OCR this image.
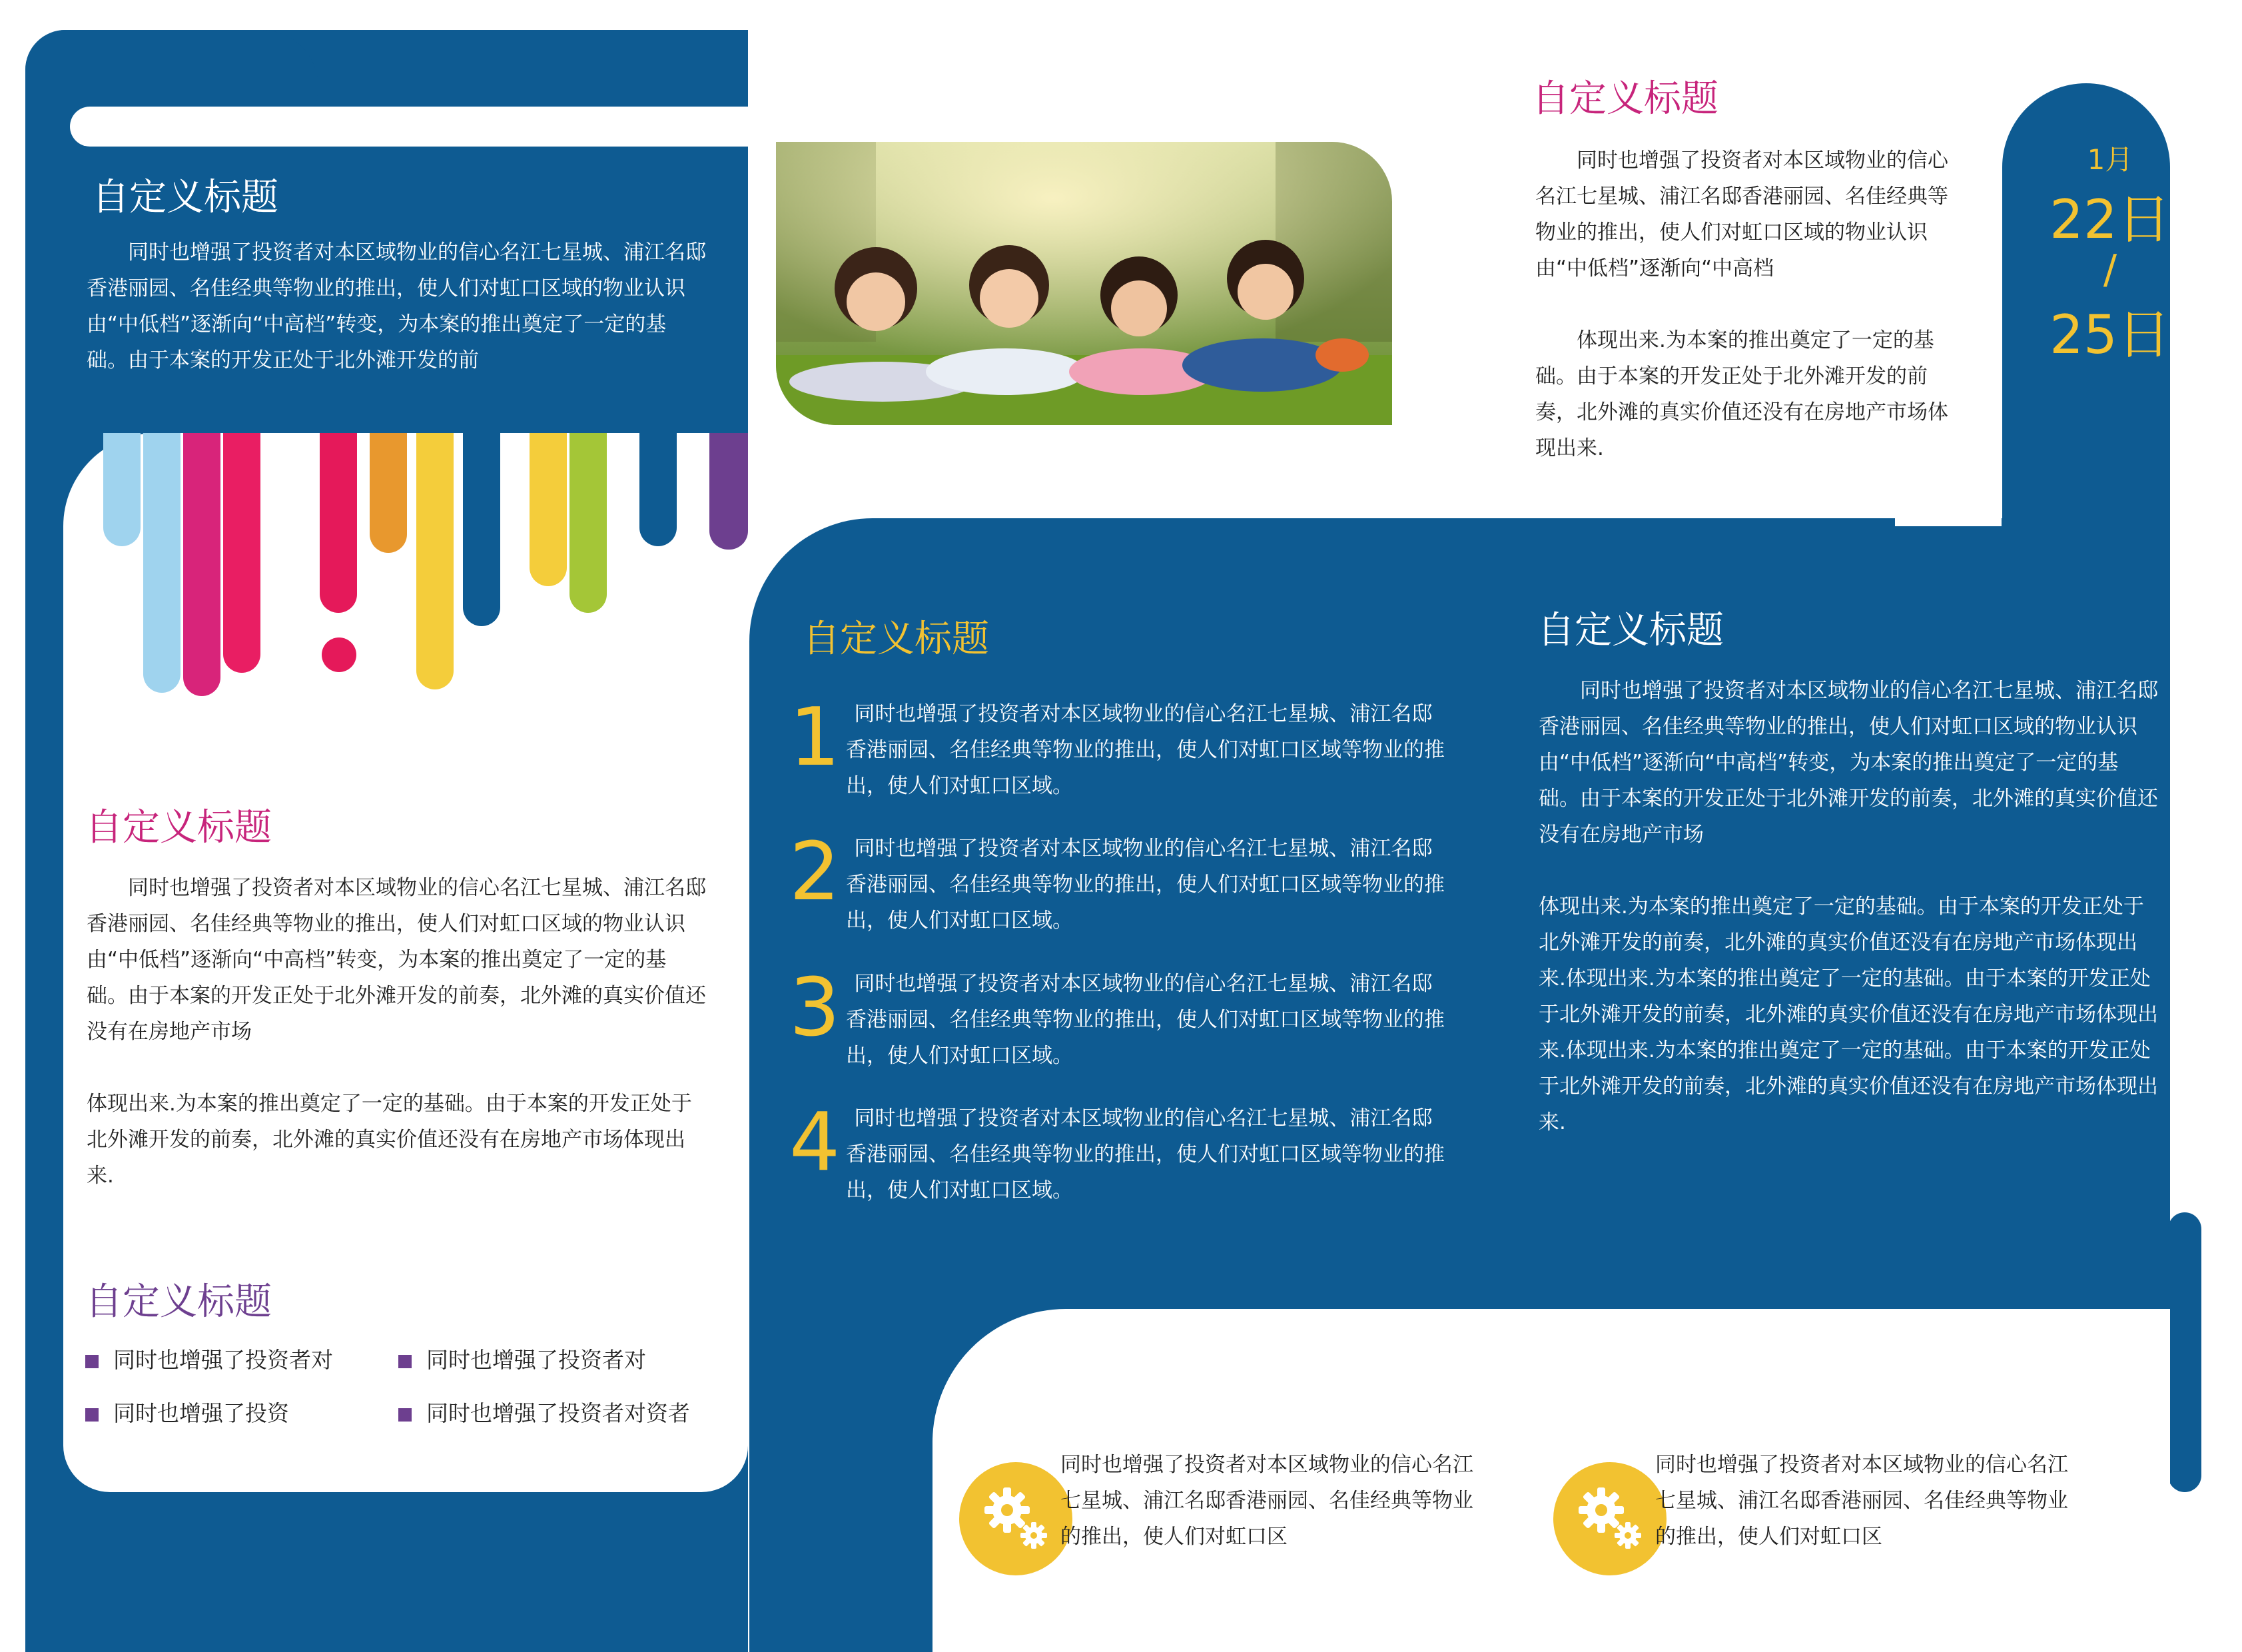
自定义标题

同时也增强了投资者对本区域物业的信心名江七星城、浦江名邸香港丽园、名佳经典等物业的推出，使人们对虹口区域的物业认识由“中低档”逐渐向“中高档”转变，为本案的推出奠定了一定的基础。由于本案的开发正处于北外滩开发的前

自定义标题

同时也增强了投资者对本区域物业的信心名江七星城、浦江名邸香港丽园、名佳经典等物业的推出，使人们对虹口区域的物业认识由“中低档”逐渐向“中高档

体现出来.为本案的推出奠定了一定的基础。由于本案的开发正处于北外滩开发的前奏，北外滩的真实价值还没有在房地产市场体现出来.

1月
22日
/
25日
自定义标题

同时也增强了投资者对本区域物业的信心名江七星城、浦江名邸香港丽园、名佳经典等物业的推出，使人们对虹口区域的物业认识由“中低档”逐渐向“中高档”转变，为本案的推出奠定了一定的基础。由于本案的开发正处于北外滩开发的前奏，北外滩的真实价值还没有在房地产市场

体现出来.为本案的推出奠定了一定的基础。由于本案的开发正处于北外滩开发的前奏，北外滩的真实价值还没有在房地产市场体现出来.

自定义标题
同时也增强了投资者对	同时也增强了投资者对
同时也增强了投资	同时也增强了投资者对资者
自定义标题
1 同时也增强了投资者对本区域物业的信心名江七星城、浦江名邸香港丽园、名佳经典等物业的推出，使人们对虹口区域等物业的推出，使人们对虹口区域。
2 同时也增强了投资者对本区域物业的信心名江七星城、浦江名邸香港丽园、名佳经典等物业的推出，使人们对虹口区域等物业的推出，使人们对虹口区域。
3 同时也增强了投资者对本区域物业的信心名江七星城、浦江名邸香港丽园、名佳经典等物业的推出，使人们对虹口区域等物业的推出，使人们对虹口区域。
4 同时也增强了投资者对本区域物业的信心名江七星城、浦江名邸香港丽园、名佳经典等物业的推出，使人们对虹口区域等物业的推出，使人们对虹口区域。
自定义标题

同时也增强了投资者对本区域物业的信心名江七星城、浦江名邸香港丽园、名佳经典等物业的推出，使人们对虹口区域的物业认识由“中低档”逐渐向“中高档”转变，为本案的推出奠定了一定的基础。由于本案的开发正处于北外滩开发的前奏，北外滩的真实价值还没有在房地产市场

体现出来.为本案的推出奠定了一定的基础。由于本案的开发正处于北外滩开发的前奏，北外滩的真实价值还没有在房地产市场体现出来.体现出来.为本案的推出奠定了一定的基础。由于本案的开发正处于北外滩开发的前奏，北外滩的真实价值还没有在房地产市场体现出来.体现出来.为本案的推出奠定了一定的基础。由于本案的开发正处于北外滩开发的前奏，北外滩的真实价值还没有在房地产市场体现出来.

同时也增强了投资者对本区域物业的信心名江七星城、浦江名邸香港丽园、名佳经典等物业的推出，使人们对虹口区
同时也增强了投资者对本区域物业的信心名江七星城、浦江名邸香港丽园、名佳经典等物业的推出，使人们对虹口区
